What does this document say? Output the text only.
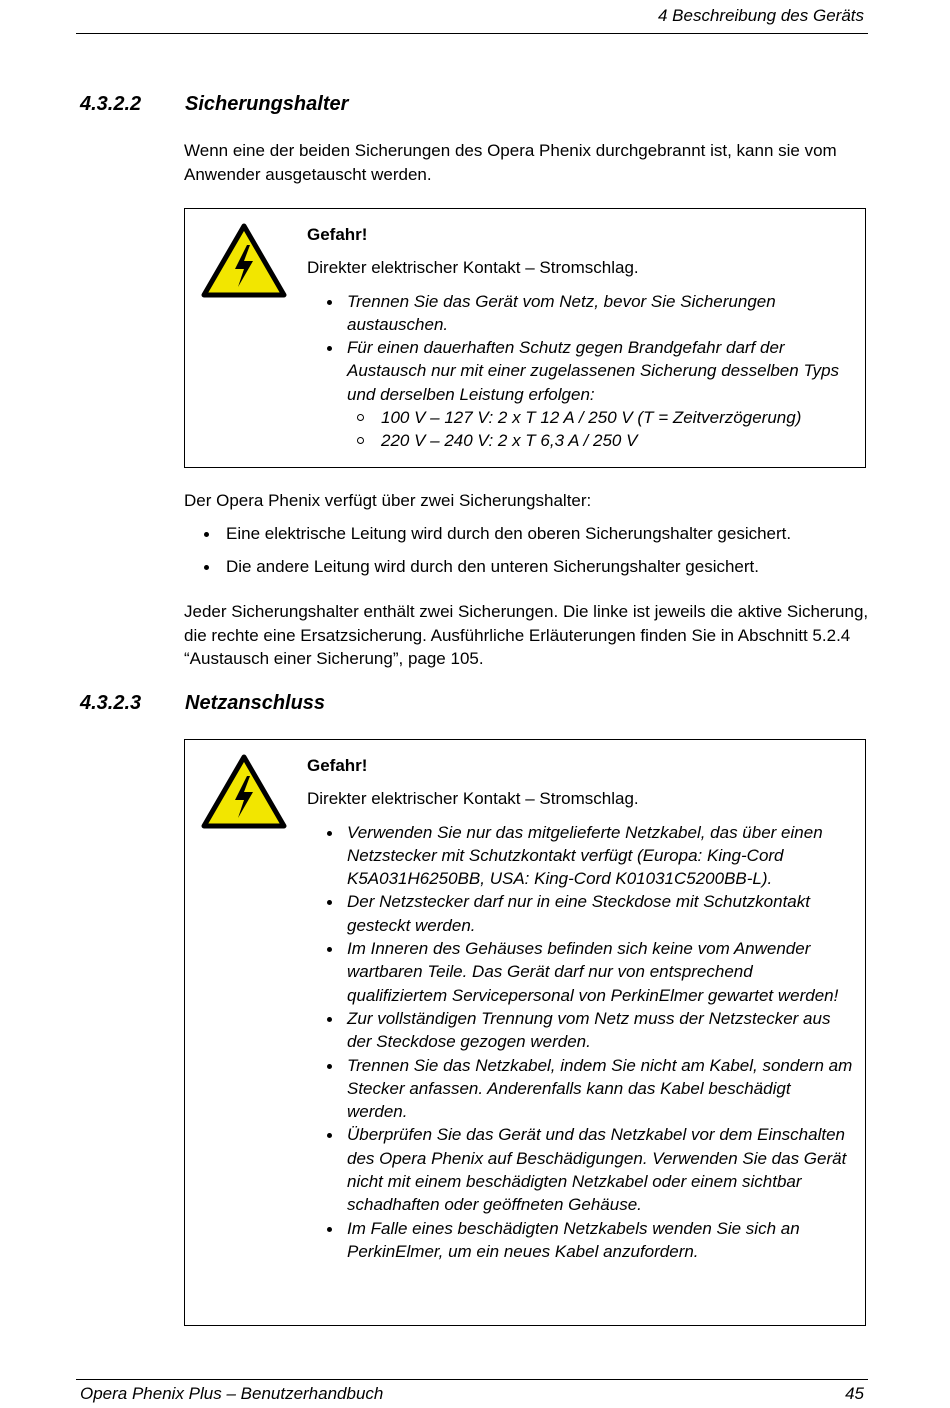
4 Beschreibung des Geräts
4.3.2.2 Sicherungshalter
Wenn eine der beiden Sicherungen des Opera Phenix durchgebrannt ist, kann sie vom Anwender ausgetauscht werden.
Gefahr!
Direkter elektrischer Kontakt – Stromschlag.
Trennen Sie das Gerät vom Netz, bevor Sie Sicherungen austauschen.
Für einen dauerhaften Schutz gegen Brandgefahr darf der Austausch nur mit einer zugelassenen Sicherung desselben Typs und derselben Leistung erfolgen:
100 V – 127 V: 2 x T 12 A / 250 V (T = Zeitverzögerung)
220 V – 240 V: 2 x T 6,3 A / 250 V
Der Opera Phenix verfügt über zwei Sicherungshalter:
Eine elektrische Leitung wird durch den oberen Sicherungshalter gesichert.
Die andere Leitung wird durch den unteren Sicherungshalter gesichert.
Jeder Sicherungshalter enthält zwei Sicherungen. Die linke ist jeweils die aktive Sicherung, die rechte eine Ersatzsicherung. Ausführliche Erläuterungen finden Sie in Abschnitt 5.2.4 “Austausch einer Sicherung”, page 105.
4.3.2.3 Netzanschluss
Gefahr!
Direkter elektrischer Kontakt – Stromschlag.
Verwenden Sie nur das mitgelieferte Netzkabel, das über einen Netzstecker mit Schutzkontakt verfügt (Europa: King-Cord K5A031H6250BB, USA: King-Cord K01031C5200BB-L).
Der Netzstecker darf nur in eine Steckdose mit Schutzkontakt gesteckt werden.
Im Inneren des Gehäuses befinden sich keine vom Anwender wartbaren Teile. Das Gerät darf nur von entsprechend qualifiziertem Servicepersonal von PerkinElmer gewartet werden!
Zur vollständigen Trennung vom Netz muss der Netzstecker aus der Steckdose gezogen werden.
Trennen Sie das Netzkabel, indem Sie nicht am Kabel, sondern am Stecker anfassen. Anderenfalls kann das Kabel beschädigt werden.
Überprüfen Sie das Gerät und das Netzkabel vor dem Einschalten des Opera Phenix auf Beschädigungen. Verwenden Sie das Gerät nicht mit einem beschädigten Netzkabel oder einem sichtbar schadhaften oder geöffneten Gehäuse.
Im Falle eines beschädigten Netzkabels wenden Sie sich an PerkinElmer, um ein neues Kabel anzufordern.
Opera Phenix Plus – Benutzerhandbuch	45
